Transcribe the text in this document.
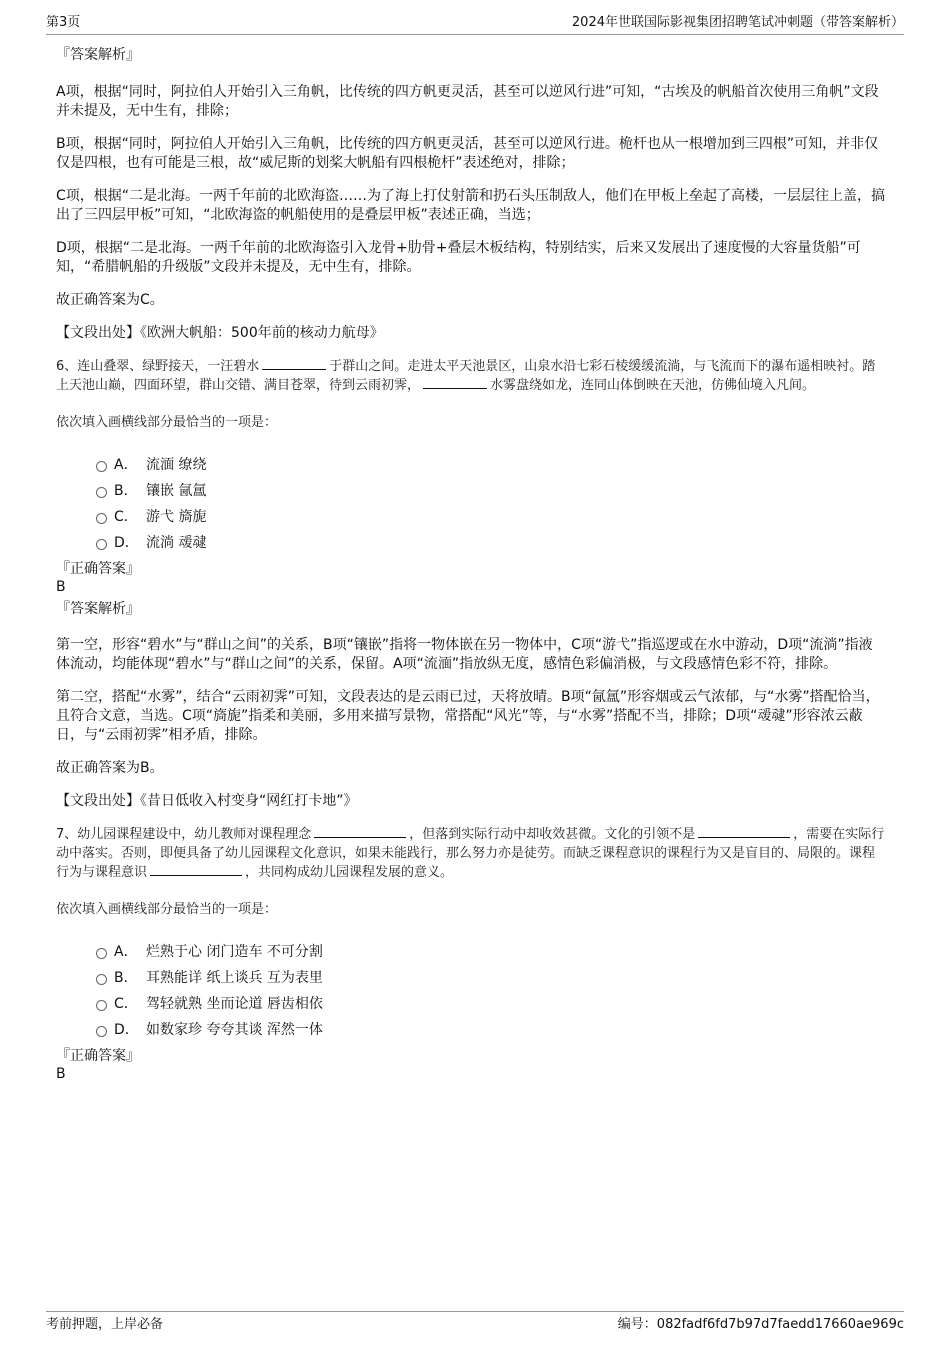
第3页	2024年世联国际影视集团招聘笔试冲刺题（带答案解析）

『答案解析』

A项，根据“同时，阿拉伯人开始引入三角帆，比传统的四方帆更灵活，甚至可以逆风行进”可知，“古埃及的帆船首次使用三角帆”文段并未提及，无中生有，排除；

B项，根据“同时，阿拉伯人开始引入三角帆，比传统的四方帆更灵活，甚至可以逆风行进。桅杆也从一根增加到三四根”可知，并非仅仅是四根，也有可能是三根，故“威尼斯的划桨大帆船有四根桅杆”表述绝对，排除；

C项，根据“二是北海。一两千年前的北欧海盗……为了海上打仗射箭和扔石头压制敌人，他们在甲板上垒起了高楼，一层层往上盖，搞出了三四层甲板”可知，“北欧海盗的帆船使用的是叠层甲板”表述正确，当选；

D项，根据“二是北海。一两千年前的北欧海盗引入龙骨+肋骨+叠层木板结构，特别结实，后来又发展出了速度慢的大容量货船”可知，“希腊帆船的升级版”文段并未提及，无中生有，排除。

故正确答案为C。

【文段出处】《欧洲大帆船：500年前的核动力航母》

6、连山叠翠、绿野接天，一汪碧水	于群山之间。走进太平天池景区，山泉水沿七彩石棱缓缓流淌，与飞流而下的瀑布遥相映衬。踏上天池山巅，四面环望，群山交错、满目苍翠，待到云雨初霁，	水雾盘绕如龙，连同山体倒映在天池，仿佛仙境入凡间。

依次填入画横线部分最恰当的一项是：

A． 流湎 缭绕
B． 镶嵌 氤氲
C． 游弋 旖旎
D． 流淌 叆叇

『正确答案』

B

『答案解析』

第一空，形容“碧水”与“群山之间”的关系，B项“镶嵌”指将一物体嵌在另一物体中，C项“游弋”指巡逻或在水中游动，D项“流淌”指液体流动，均能体现“碧水”与“群山之间”的关系，保留。A项“流湎”指放纵无度，感情色彩偏消极，与文段感情色彩不符，排除。

第二空，搭配“水雾”，结合“云雨初霁”可知，文段表达的是云雨已过，天将放晴。B项“氤氲”形容烟或云气浓郁，与“水雾”搭配恰当，且符合文意，当选。C项“旖旎”指柔和美丽，多用来描写景物，常搭配“风光”等，与“水雾”搭配不当，排除；D项“叆叇”形容浓云蔽日，与“云雨初霁”相矛盾，排除。

故正确答案为B。

【文段出处】《昔日低收入村变身“网红打卡地”》

7、幼儿园课程建设中，幼儿教师对课程理念	，但落到实际行动中却收效甚微。文化的引领不是	，需要在实际行动中落实。否则，即便具备了幼儿园课程文化意识，如果未能践行，那么努力亦是徒劳。而缺乏课程意识的课程行为又是盲目的、局限的。课程行为与课程意识	，共同构成幼儿园课程发展的意义。

依次填入画横线部分最恰当的一项是：

A． 烂熟于心 闭门造车 不可分割
B． 耳熟能详 纸上谈兵 互为表里
C． 驾轻就熟 坐而论道 唇齿相依
D． 如数家珍 夸夸其谈 浑然一体

『正确答案』

B

考前押题，上岸必备	编号：082fadf6fd7b97d7faedd17660ae969c
